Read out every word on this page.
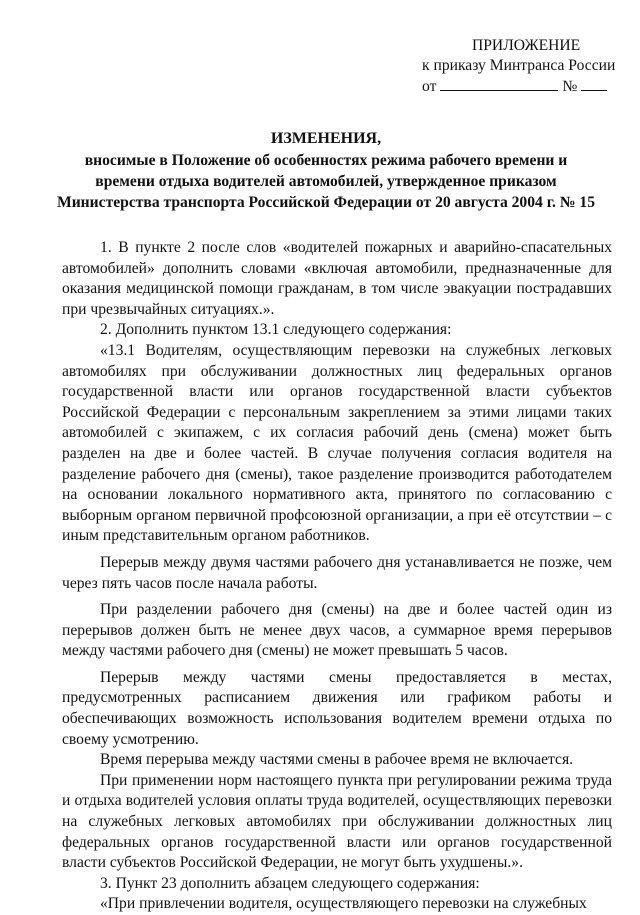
ПРИЛОЖЕНИЕ
к приказу Минтранса России
от	№
ИЗМЕНЕНИЯ,
вносимые в Положение об особенностях режима рабочего времени и времени отдыха водителей автомобилей, утвержденное приказом Министерства транспорта Российской Федерации от 20 августа 2004 г. № 15

1. В пункте 2 после слов «водителей пожарных и аварийно-спасательных автомобилей» дополнить словами «включая автомобили, предназначенные для оказания медицинской помощи гражданам, в том числе эвакуации пострадавших при чрезвычайных ситуациях.».

2. Дополнить пунктом 13.1 следующего содержания:

«13.1 Водителям, осуществляющим перевозки на служебных легковых автомобилях при обслуживании должностных лиц федеральных органов государственной власти или органов государственной власти субъектов Российской Федерации с персональным закреплением за этими лицами таких автомобилей с экипажем, с их согласия рабочий день (смена) может быть разделен на две и более частей. В случае получения согласия водителя на разделение рабочего дня (смены), такое разделение производится работодателем на основании локального нормативного акта, принятого по согласованию с выборным органом первичной профсоюзной организации, а при её отсутствии – с иным представительным органом работников.

Перерыв между двумя частями рабочего дня устанавливается не позже, чем через пять часов после начала работы.

При разделении рабочего дня (смены) на две и более частей один из перерывов должен быть не менее двух часов, а суммарное время перерывов между частями рабочего дня (смены) не может превышать 5 часов.

Перерыв между частями смены предоставляется в местах, предусмотренных расписанием движения или графиком работы и обеспечивающих возможность использования водителем времени отдыха по своему усмотрению.

Время перерыва между частями смены в рабочее время не включается.

При применении норм настоящего пункта при регулировании режима труда и отдыха водителей условия оплаты труда водителей, осуществляющих перевозки на служебных легковых автомобилях при обслуживании должностных лиц федеральных органов государственной власти или органов государственной власти субъектов Российской Федерации, не могут быть ухудшены.».

3. Пункт 23 дополнить абзацем следующего содержания:

«При привлечении водителя, осуществляющего перевозки на служебных
